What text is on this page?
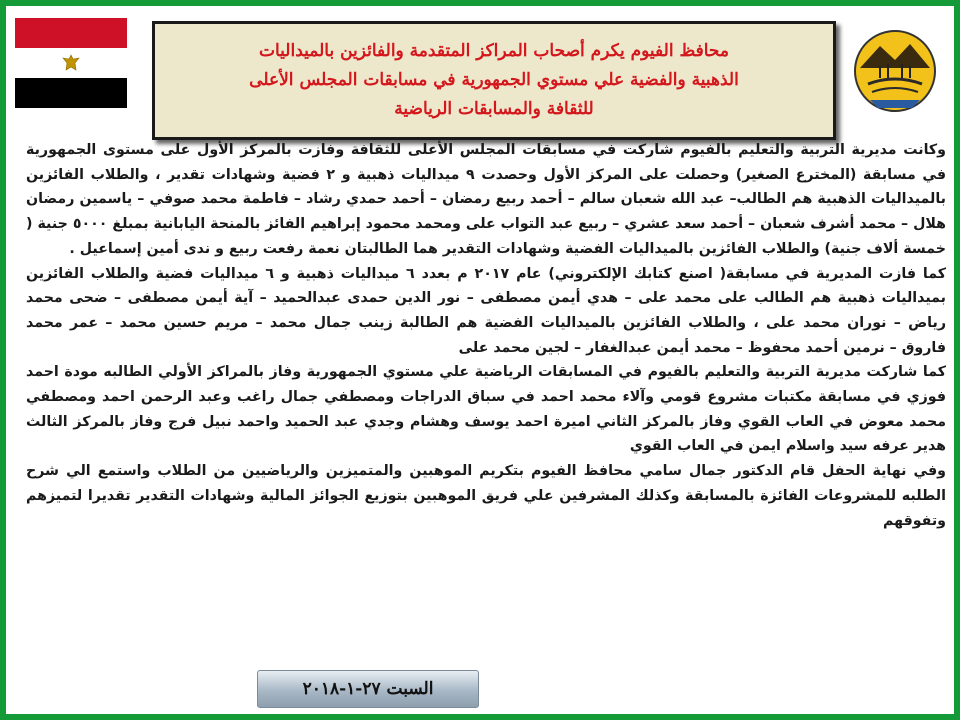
محافظ الفيوم يكرم أصحاب المراكز المتقدمة والفائزين بالميداليات
الذهبية والفضية علي مستوي الجمهورية في مسابقات المجلس الأعلى
للثقافة والمسابقات الرياضية

وكانت مديرية التربية والتعليم بالفيوم شاركت في مسابقات المجلس الأعلى للثقافة وفازت بالمركز الأول على مستوى الجمهورية في مسابقة (المخترع الصغير) وحصلت على المركز الأول وحصدت ٩ ميداليات ذهبية و ٢ فضية وشهادات تقدير ، والطلاب الفائزين بالميداليات الذهبية هم الطالب– عبد الله شعبان سالم – أحمد ربيع رمضان – أحمد حمدي رشاد – فاطمة محمد صوفي – ياسمين رمضان هلال – محمد أشرف شعبان – أحمد سعد عشري – ربيع عبد التواب على ومحمد محمود إبراهيم الفائز بالمنحة اليابانية بمبلغ ٥٠٠٠ جنية ( خمسة ألاف جنية) والطلاب الفائزين بالميداليات الفضية وشهادات التقدير هما الطالبتان نعمة رفعت ربيع و ندى أمين إسماعيل .

كما فازت المديرية في مسابقة( اصنع كتابك الإلكتروني) عام ٢٠١٧ م بعدد ٦ ميداليات ذهبية و ٦ ميداليات فضية والطلاب الفائزين بميداليات ذهبية هم الطالب على محمد على – هدي أيمن مصطفى – نور الدين حمدى عبدالحميد – آية أيمن مصطفى – ضحى محمد رياض – نوران محمد على ، والطلاب الفائزين بالميداليات الفضية هم الطالبة زينب جمال محمد – مريم حسين محمد – عمر محمد فاروق – نرمين أحمد محفوظ – محمد أيمن عبدالغفار – لجين محمد على

كما شاركت مديرية التربية والتعليم بالفيوم في المسابقات الرياضية علي مستوي الجمهورية وفاز بالمراكز الأولي الطالبه مودة احمد فوزي في مسابقة مكتبات مشروع قومي وآلاء محمد احمد في سباق الدراجات ومصطفي جمال راغب وعبد الرحمن احمد ومصطفي محمد معوض في العاب القوي وفاز بالمركز الثاني اميرة احمد يوسف وهشام وجدي عبد الحميد واحمد نبيل فرج وفاز بالمركز الثالث هدير عرفه سيد واسلام ايمن في العاب القوي

وفي نهاية الحفل قام الدكتور جمال سامي محافظ الفيوم بتكريم الموهبين والمتميزين والرياضيين من الطلاب واستمع الي شرح الطلبه للمشروعات الفائزة بالمسابقة وكذلك المشرفين علي فريق الموهبين بتوزيع الجوائز المالية وشهادات التقدير تقديرا لتميزهم وتفوقهم

السبت ٢٧-١-٢٠١٨
